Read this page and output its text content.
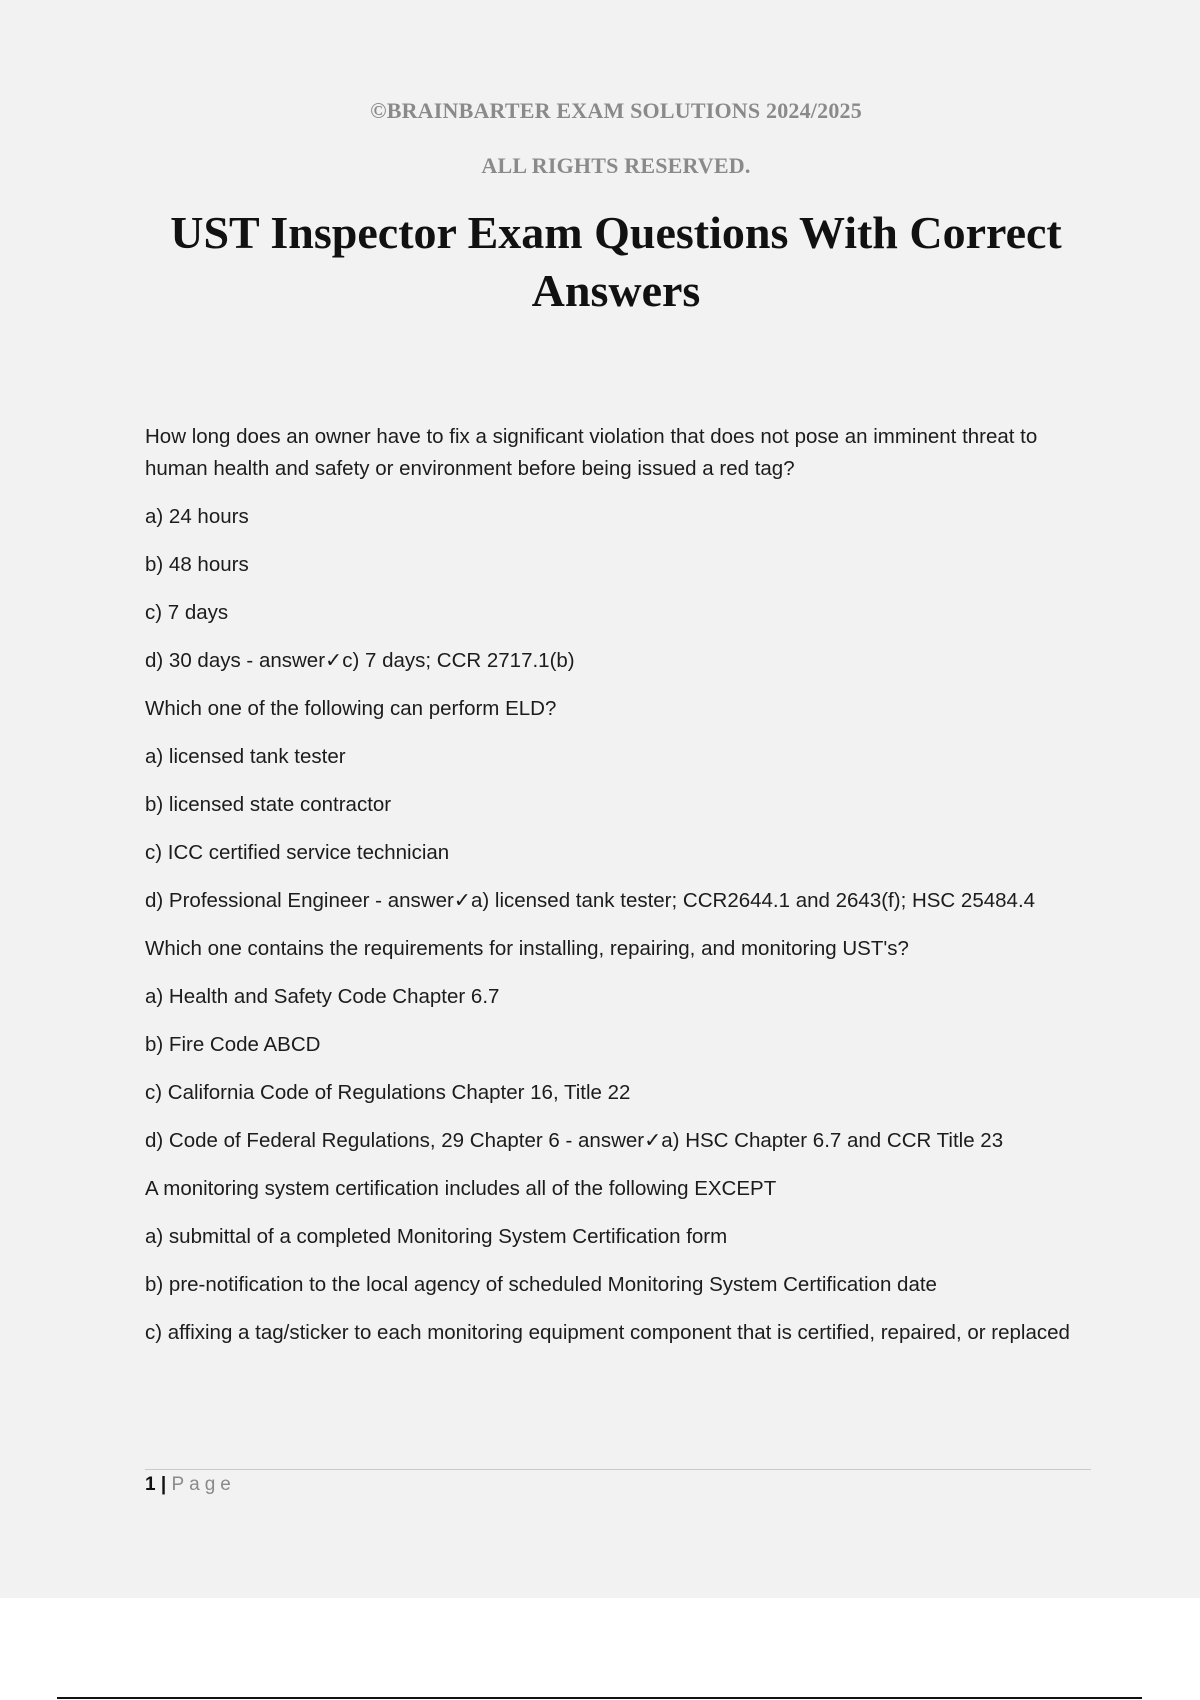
©BRAINBARTER EXAM SOLUTIONS 2024/2025
ALL RIGHTS RESERVED.
UST Inspector Exam Questions With Correct Answers

How long does an owner have to fix a significant violation that does not pose an imminent threat to human health and safety or environment before being issued a red tag?

a) 24 hours

b) 48 hours

c) 7 days

d) 30 days - answer✓c) 7 days; CCR 2717.1(b)

Which one of the following can perform ELD?

a) licensed tank tester

b) licensed state contractor

c) ICC certified service technician

d) Professional Engineer - answer✓a) licensed tank tester; CCR2644.1 and 2643(f); HSC 25484.4

Which one contains the requirements for installing, repairing, and monitoring UST's?

a) Health and Safety Code Chapter 6.7

b) Fire Code ABCD

c) California Code of Regulations Chapter 16, Title 22

d) Code of Federal Regulations, 29 Chapter 6 - answer✓a) HSC Chapter 6.7 and CCR Title 23

A monitoring system certification includes all of the following EXCEPT

a) submittal of a completed Monitoring System Certification form

b) pre-notification to the local agency of scheduled Monitoring System Certification date

c) affixing a tag/sticker to each monitoring equipment component that is certified, repaired, or replaced

1 | Page
